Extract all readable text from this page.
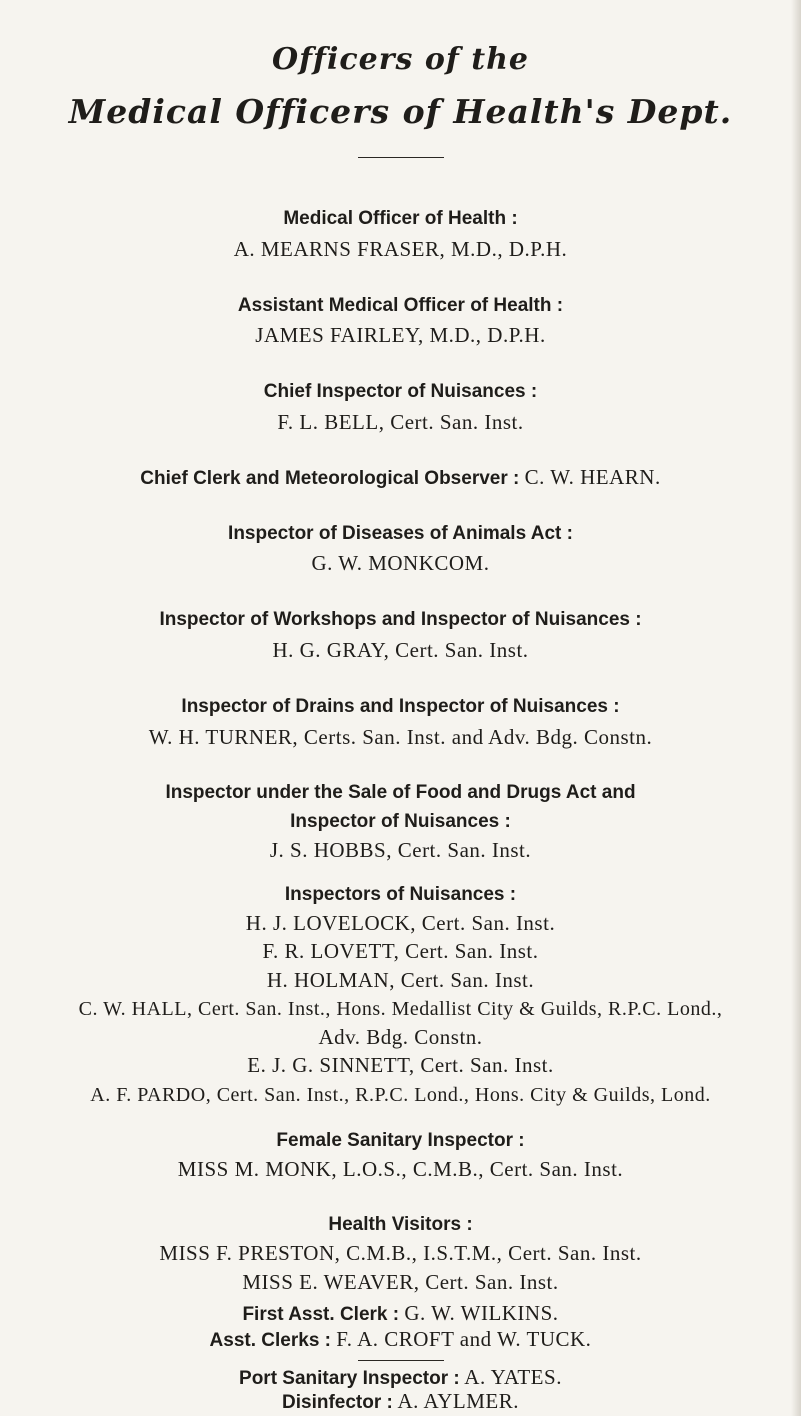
Officers of the
Medical Officers of Health's Dept.
Medical Officer of Health :
A. MEARNS FRASER, M.D., D.P.H.
Assistant Medical Officer of Health :
JAMES FAIRLEY, M.D., D.P.H.
Chief Inspector of Nuisances :
F. L. BELL, Cert. San. Inst.
Chief Clerk and Meteorological Observer : C. W. HEARN.
Inspector of Diseases of Animals Act :
G. W. MONKCOM.
Inspector of Workshops and Inspector of Nuisances :
H. G. GRAY, Cert. San. Inst.
Inspector of Drains and Inspector of Nuisances :
W. H. TURNER, Certs. San. Inst. and Adv. Bdg. Constn.
Inspector under the Sale of Food and Drugs Act and
Inspector of Nuisances :
J. S. HOBBS, Cert. San. Inst.
Inspectors of Nuisances :
H. J. LOVELOCK, Cert. San. Inst.
F. R. LOVETT, Cert. San. Inst.
H. HOLMAN, Cert. San. Inst.
C. W. HALL, Cert. San. Inst., Hons. Medallist City & Guilds, R.P.C. Lond.,
Adv. Bdg. Constn.
E. J. G. SINNETT, Cert. San. Inst.
A. F. PARDO, Cert. San. Inst., R.P.C. Lond., Hons. City & Guilds, Lond.
Female Sanitary Inspector :
MISS M. MONK, L.O.S., C.M.B., Cert. San. Inst.
Health Visitors :
MISS F. PRESTON, C.M.B., I.S.T.M., Cert. San. Inst.
MISS E. WEAVER, Cert. San. Inst.
First Asst. Clerk : G. W. WILKINS.
Asst. Clerks : F. A. CROFT and W. TUCK.
Port Sanitary Inspector : A. YATES.
Disinfector : A. AYLMER.
